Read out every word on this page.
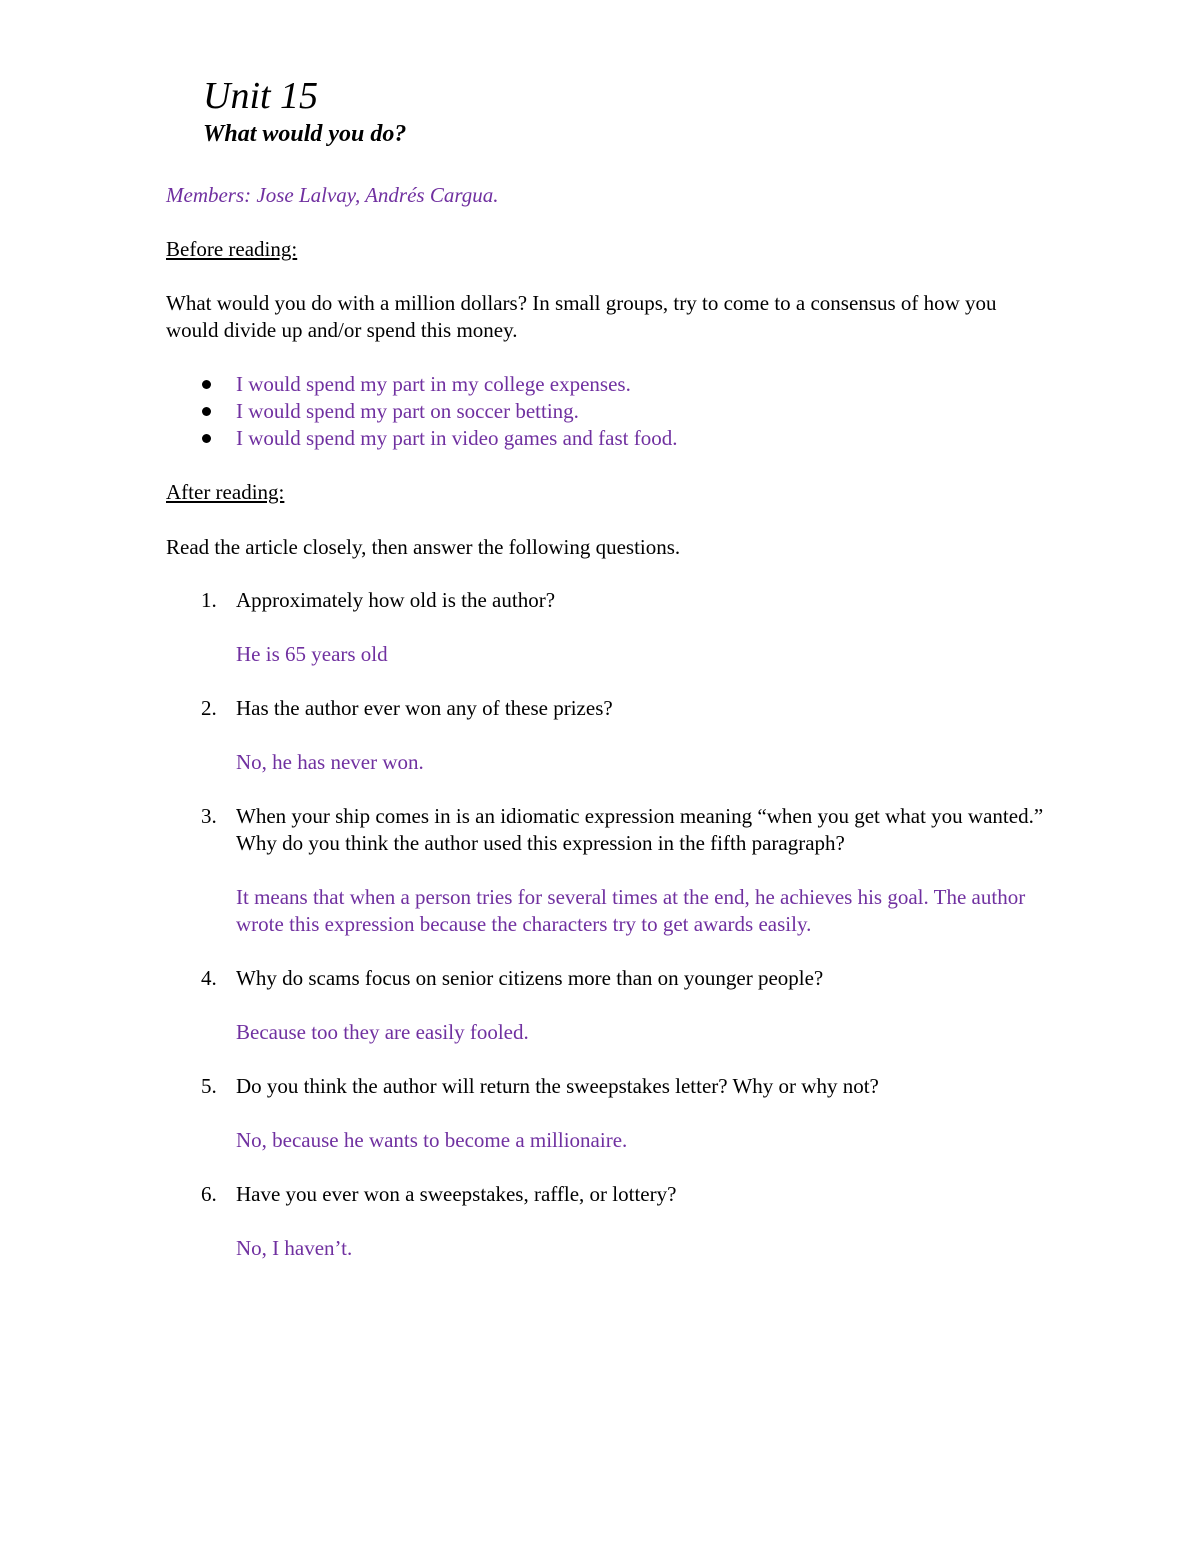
Unit 15
What would you do?
Members: Jose Lalvay, Andrés Cargua.
Before reading:
What would you do with a million dollars? In small groups, try to come to a consensus of how you would divide up and/or spend this money.
I would spend my part in my college expenses.
I would spend my part on soccer betting.
I would spend my part in video games and fast food.
After reading:
Read the article closely, then answer the following questions.
1. Approximately how old is the author?
He is 65 years old
2. Has the author ever won any of these prizes?
No, he has never won.
3. When your ship comes in is an idiomatic expression meaning “when you get what you wanted.” Why do you think the author used this expression in the fifth paragraph?
It means that when a person tries for several times at the end, he achieves his goal. The author wrote this expression because the characters try to get awards easily.
4. Why do scams focus on senior citizens more than on younger people?
Because too they are easily fooled.
5. Do you think the author will return the sweepstakes letter? Why or why not?
No, because he wants to become a millionaire.
6. Have you ever won a sweepstakes, raffle, or lottery?
No, I haven’t.
